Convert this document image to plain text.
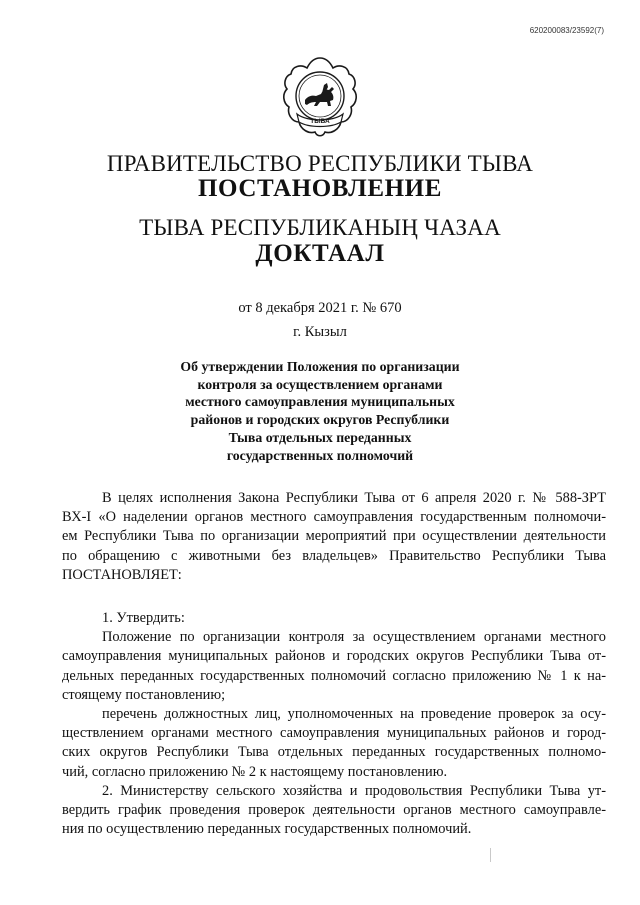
620200083/23592(7)
ТЫВА
ПРАВИТЕЛЬСТВО РЕСПУБЛИКИ ТЫВА
ПОСТАНОВЛЕНИЕ
ТЫВА РЕСПУБЛИКАНЫҢ ЧАЗАА
ДОКТААЛ
от 8 декабря 2021 г. № 670
г. Кызыл
Об утверждении Положения по организации
контроля за осуществлением органами
местного самоуправления муниципальных
районов и городских округов Республики
Тыва отдельных переданных
государственных полномочий
В целях исполнения Закона Республики Тыва от 6 апреля 2020 г. № 588-ЗРТ
ВХ-I «О наделении органов местного самоуправления государственным полномочи-
ем Республики Тыва по организации мероприятий при осуществлении деятельности
по обращению с животными без владельцев» Правительство Республики Тыва
ПОСТАНОВЛЯЕТ:
1. Утвердить:
Положение по организации контроля за осуществлением органами местного
самоуправления муниципальных районов и городских округов Республики Тыва от-
дельных переданных государственных полномочий согласно приложению № 1 к на-
стоящему постановлению;
перечень должностных лиц, уполномоченных на проведение проверок за осу-
ществлением органами местного самоуправления муниципальных районов и город-
ских округов Республики Тыва отдельных переданных государственных полномо-
чий, согласно приложению № 2 к настоящему постановлению.
2. Министерству сельского хозяйства и продовольствия Республики Тыва ут-
вердить график проведения проверок деятельности органов местного самоуправле-
ния по осуществлению переданных государственных полномочий.
